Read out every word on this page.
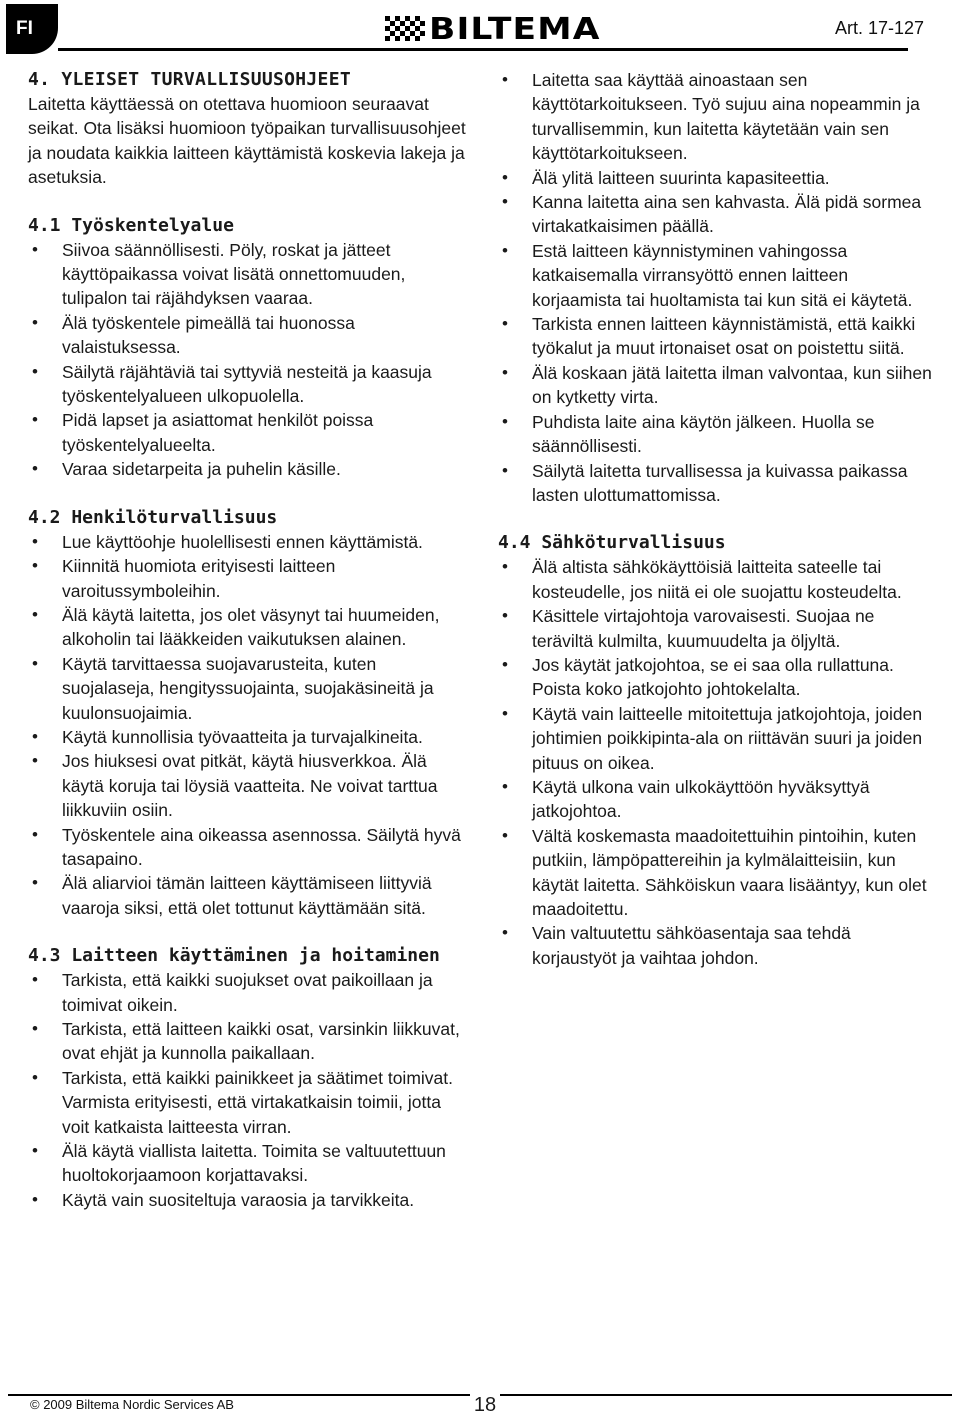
FI	BILTEMA	Art. 17-127
4. YLEISET TURVALLISUUSOHJEET

Laitetta käyttäessä on otettava huomioon seuraavat seikat. Ota lisäksi huomioon työpaikan turvallisuusohjeet ja noudata kaikkia laitteen käyttämistä koskevia lakeja ja asetuksia.

4.1 Työskentelyalue
• Siivoa säännöllisesti. Pöly, roskat ja jätteet käyttöpaikassa voivat lisätä onnettomuuden, tulipalon tai räjähdyksen vaaraa.
• Älä työskentele pimeällä tai huonossa valaistuksessa.
• Säilytä räjähtäviä tai syttyviä nesteitä ja kaasuja työskentelyalueen ulkopuolella.
• Pidä lapset ja asiattomat henkilöt poissa työskentelyalueelta.
• Varaa sidetarpeita ja puhelin käsille.
4.2 Henkilöturvallisuus
• Lue käyttöohje huolellisesti ennen käyttämistä.
• Kiinnitä huomiota erityisesti laitteen varoitussymboleihin.
• Älä käytä laitetta, jos olet väsynyt tai huumeiden, alkoholin tai lääkkeiden vaikutuksen alainen.
• Käytä tarvittaessa suojavarusteita, kuten suojalaseja, hengityssuojainta, suojakäsineitä ja kuulonsuojaimia.
• Käytä kunnollisia työvaatteita ja turvajalkineita.
• Jos hiuksesi ovat pitkät, käytä hiusverkkoa. Älä käytä koruja tai löysiä vaatteita. Ne voivat tarttua liikkuviin osiin.
• Työskentele aina oikeassa asennossa. Säilytä hyvä tasapaino.
• Älä aliarvioi tämän laitteen käyttämiseen liittyviä vaaroja siksi, että olet tottunut käyttämään sitä.
4.3 Laitteen käyttäminen ja hoitaminen
• Tarkista, että kaikki suojukset ovat paikoillaan ja toimivat oikein.
• Tarkista, että laitteen kaikki osat, varsinkin liikkuvat, ovat ehjät ja kunnolla paikallaan.
• Tarkista, että kaikki painikkeet ja säätimet toimivat. Varmista erityisesti, että virtakatkaisin toimii, jotta voit katkaista laitteesta virran.
• Älä käytä viallista laitetta. Toimita se valtuutettuun huoltokorjaamoon korjattavaksi.
• Käytä vain suositeltuja varaosia ja tarvikkeita.
• Laitetta saa käyttää ainoastaan sen käyttötarkoitukseen. Työ sujuu aina nopeammin ja turvallisemmin, kun laitetta käytetään vain sen käyttötarkoitukseen.
• Älä ylitä laitteen suurinta kapasiteettia.
• Kanna laitetta aina sen kahvasta. Älä pidä sormea virtakatkaisimen päällä.
• Estä laitteen käynnistyminen vahingossa katkaisemalla virransyöttö ennen laitteen korjaamista tai huoltamista tai kun sitä ei käytetä.
• Tarkista ennen laitteen käynnistämistä, että kaikki työkalut ja muut irtonaiset osat on poistettu siitä.
• Älä koskaan jätä laitetta ilman valvontaa, kun siihen on kytketty virta.
• Puhdista laite aina käytön jälkeen. Huolla se säännöllisesti.
• Säilytä laitetta turvallisessa ja kuivassa paikassa lasten ulottumattomissa.
4.4 Sähköturvallisuus
• Älä altista sähkökäyttöisiä laitteita sateelle tai kosteudelle, jos niitä ei ole suojattu kosteudelta.
• Käsittele virtajohtoja varovaisesti. Suojaa ne teräviltä kulmilta, kuumuudelta ja öljyltä.
• Jos käytät jatkojohtoa, se ei saa olla rullattuna. Poista koko jatkojohto johtokelalta.
• Käytä vain laitteelle mitoitettuja jatkojohtoja, joiden johtimien poikkipinta-ala on riittävän suuri ja joiden pituus on oikea.
• Käytä ulkona vain ulkokäyttöön hyväksyttyä jatkojohtoa.
• Vältä koskemasta maadoitettuihin pintoihin, kuten putkiin, lämpöpattereihin ja kylmälaitteisiin, kun käytät laitetta. Sähköiskun vaara lisääntyy, kun olet maadoitettu.
• Vain valtuutettu sähköasentaja saa tehdä korjaustyöt ja vaihtaa johdon.
© 2009 Biltema Nordic Services AB	18
